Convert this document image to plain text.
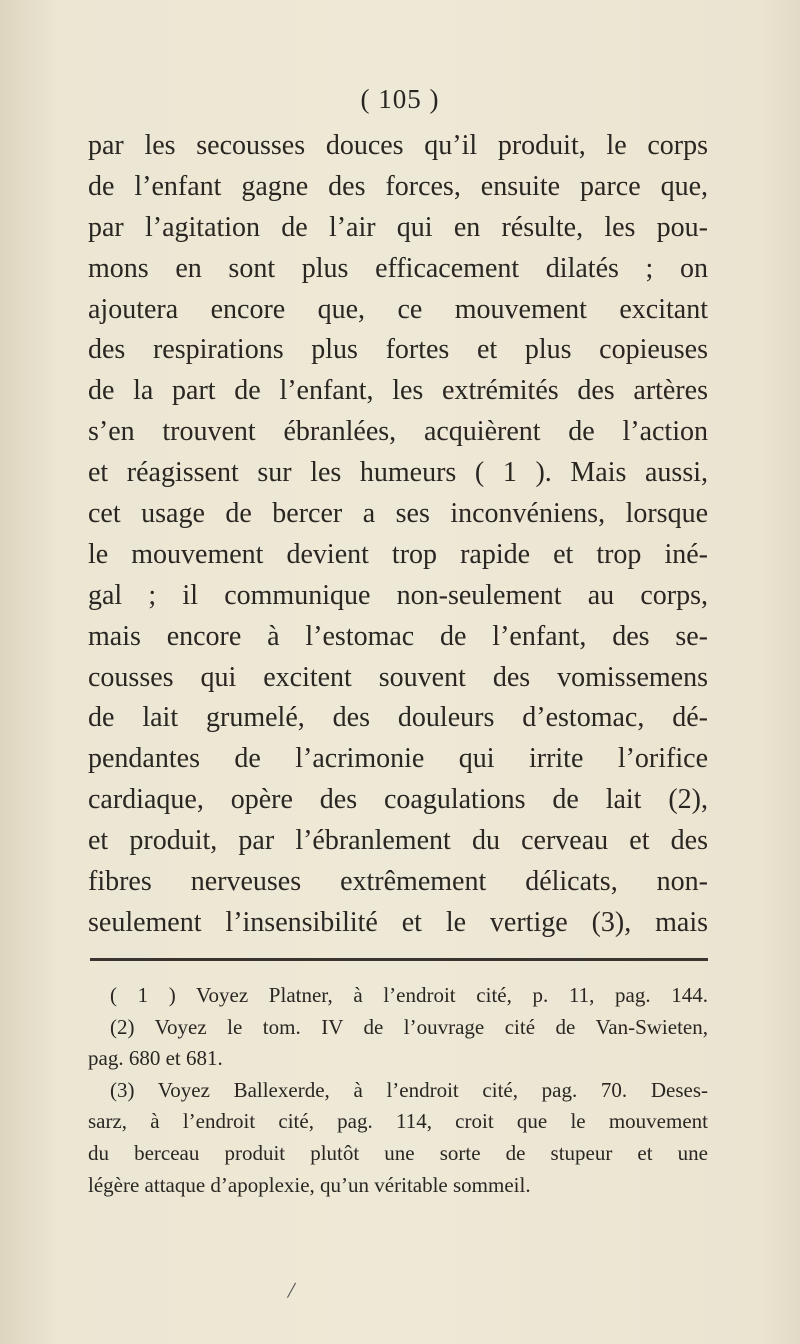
( 105 )
par les secousses douces qu’il produit, le corps
de l’enfant gagne des forces, ensuite parce que,
par l’agitation de l’air qui en résulte, les pou-
mons en sont plus efficacement dilatés ; on
ajoutera encore que, ce mouvement excitant
des respirations plus fortes et plus copieuses
de la part de l’enfant, les extrémités des artères
s’en trouvent ébranlées, acquièrent de l’action
et réagissent sur les humeurs ( 1 ). Mais aussi,
cet usage de bercer a ses inconvéniens, lorsque
le mouvement devient trop rapide et trop iné-
gal ; il communique non-seulement au corps,
mais encore à l’estomac de l’enfant, des se-
cousses qui excitent souvent des vomissemens
de lait grumelé, des douleurs d’estomac, dé-
pendantes de l’acrimonie qui irrite l’orifice
cardiaque, opère des coagulations de lait (2),
et produit, par l’ébranlement du cerveau et des
fibres nerveuses extrêmement délicats, non-
seulement l’insensibilité et le vertige (3), mais
( 1 ) Voyez Platner, à l’endroit cité, p. 11, pag. 144.
(2) Voyez le tom. IV de l’ouvrage cité de Van-Swieten,
pag. 680 et 681.
(3) Voyez Ballexerde, à l’endroit cité, pag. 70. Deses-
sarz, à l’endroit cité, pag. 114, croit que le mouvement
du berceau produit plutôt une sorte de stupeur et une
légère attaque d’apoplexie, qu’un véritable sommeil.
/
